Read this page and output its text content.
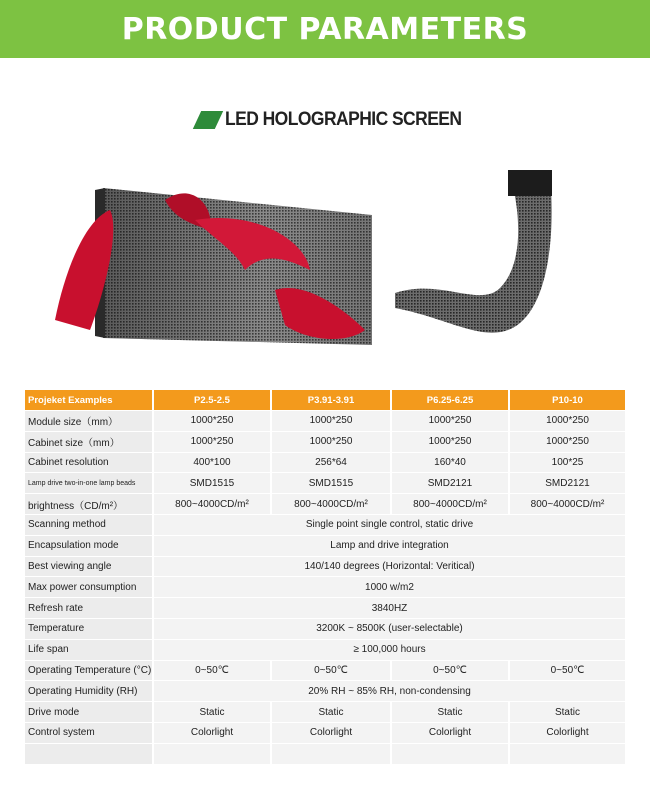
PRODUCT PARAMETERS
LED HOLOGRAPHIC SCREEN
Projeket Examples	P2.5-2.5	P3.91-3.91	P6.25-6.25	P10-10
Module size（mm）	1000*250	1000*250	1000*250	1000*250
Cabinet size（mm）	1000*250	1000*250	1000*250	1000*250
Cabinet resolution	400*100	256*64	160*40	100*25
Lamp drive two-in-one lamp beads	SMD1515	SMD1515	SMD2121	SMD2121
brightness（CD/m²）	800~4000CD/m²	800~4000CD/m²	800~4000CD/m²	800~4000CD/m²
Scanning method	Single point single control, static drive			
Encapsulation mode	Lamp and drive integration			
Best viewing angle	140/140 degrees (Horizontal: Veritical)			
Max power consumption	1000 w/m2			
Refresh rate	3840HZ			
Temperature	3200K ~ 8500K (user-selectable)			
Life span	≥ 100,000 hours			
Operating Temperature (°C)	0~50℃	0~50℃	0~50℃	0~50℃
Operating Humidity (RH)	20% RH ~ 85% RH, non-condensing			
Drive mode	Static	Static	Static	Static
Control system	Colorlight	Colorlight	Colorlight	Colorlight
